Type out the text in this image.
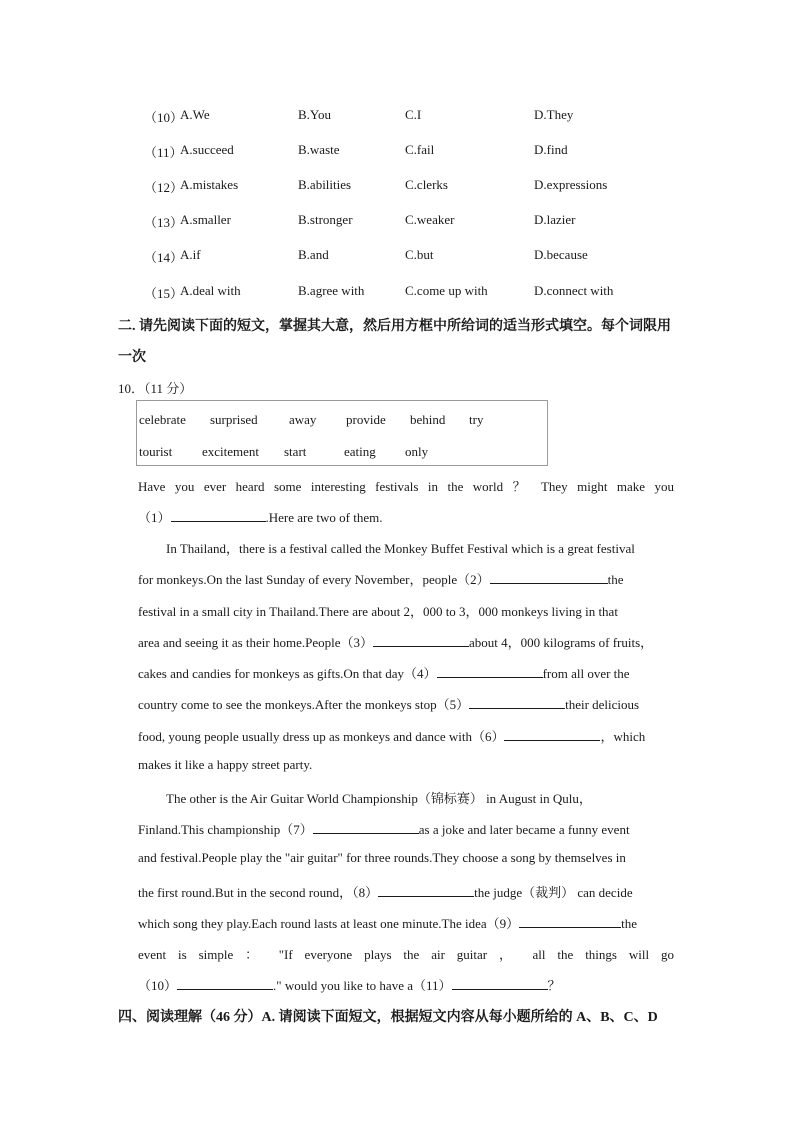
（10）
A.We	B.You	C.I	D.They
（11）
A.succeed	B.waste	C.fail	D.find
（12）
A.mistakes	B.abilities	C.clerks	D.expressions
（13）
A.smaller	B.stronger	C.weaker	D.lazier
（14）
A.if	B.and	C.but	D.because
（15）
A.deal with	B.agree with	C.come up with	D.connect with
二. 请先阅读下面的短文，掌握其大意，然后用方框中所给词的适当形式填空。每个词限用
一次
10．（11 分）
celebrate surprised away provide behind try
tourist excitement start	eating only
Have you ever heard some interesting festivals in the world ？ They might make you
（1）	.Here are two of them.
In Thailand，there is a festival called the Monkey Buffet Festival which is a great festival
for monkeys.On the last Sunday of every November，people（2）	the
festival in a small city in Thailand.There are about 2，000 to 3，000 monkeys living in that
area and seeing it as their home.People（3）	about 4，000 kilograms of fruits，
cakes and candies for monkeys as gifts.On that day（4）	from all over the
country come to see the monkeys.After the monkeys stop（5）	their delicious
food, young people usually dress up as monkeys and dance with（6）	，which
makes it like a happy street party.
The other is the Air Guitar World Championship（锦标赛） in August in Qulu，
Finland.This championship（7）	as a joke and later became a funny event
and festival.People play the "air guitar" for three rounds.They choose a song by themselves in
the first round.But in the second round，（8）	the judge（裁判） can decide
which song they play.Each round lasts at least one minute.The idea（9）	the
event is simple ： "If everyone plays the air guitar ， all the things will go
（10）	." would you like to have a（11）	？
四、阅读理解（46 分）A. 请阅读下面短文，根据短文内容从每小题所给的 A、B、C、D
